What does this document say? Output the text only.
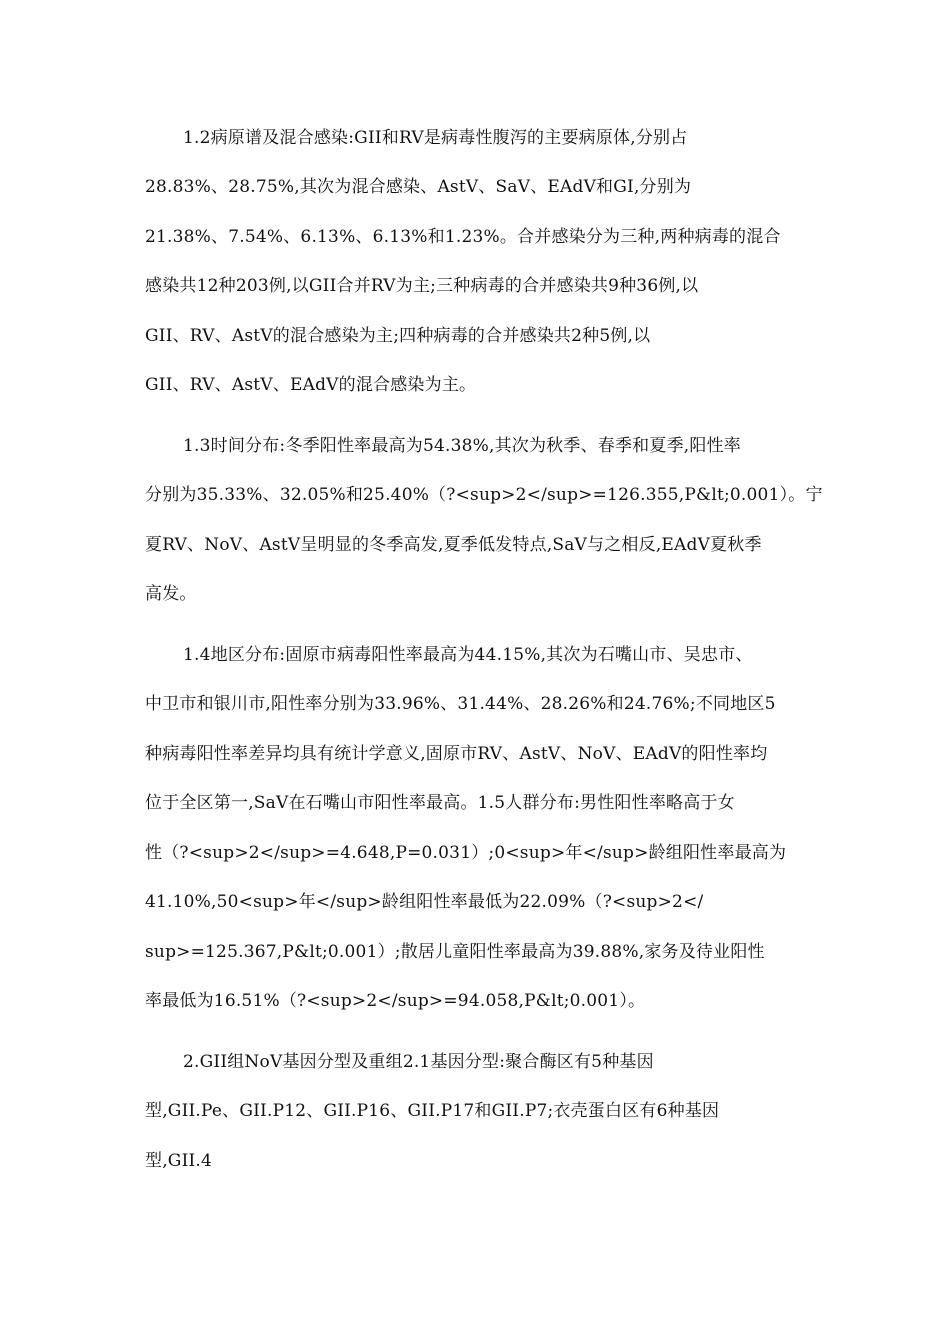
1.2病原谱及混合感染:GII和RV是病毒性腹泻的主要病原体,分别占
28.83%、28.75%,其次为混合感染、AstV、SaV、EAdV和GI,分别为
21.38%、7.54%、6.13%、6.13%和1.23%。合并感染分为三种,两种病毒的混合
感染共12种203例,以GII合并RV为主;三种病毒的合并感染共9种36例,以
GII、RV、AstV的混合感染为主;四种病毒的合并感染共2种5例,以
GII、RV、AstV、EAdV的混合感染为主。
1.3时间分布:冬季阳性率最高为54.38%,其次为秋季、春季和夏季,阳性率
分别为35.33%、32.05%和25.40%（?<sup>2</sup>=126.355,P&lt;0.001）。宁
夏RV、NoV、AstV呈明显的冬季高发,夏季低发特点,SaV与之相反,EAdV夏秋季
高发。
1.4地区分布:固原市病毒阳性率最高为44.15%,其次为石嘴山市、吴忠市、
中卫市和银川市,阳性率分别为33.96%、31.44%、28.26%和24.76%;不同地区5
种病毒阳性率差异均具有统计学意义,固原市RV、AstV、NoV、EAdV的阳性率均
位于全区第一,SaV在石嘴山市阳性率最高。1.5人群分布:男性阳性率略高于女
性（?<sup>2</sup>=4.648,P=0.031）;0<sup>年</sup>龄组阳性率最高为
41.10%,50<sup>年</sup>龄组阳性率最低为22.09%（?<sup>2</
sup>=125.367,P&lt;0.001）;散居儿童阳性率最高为39.88%,家务及待业阳性
率最低为16.51%（?<sup>2</sup>=94.058,P&lt;0.001）。
2.GII组NoV基因分型及重组2.1基因分型:聚合酶区有5种基因
型,GII.Pe、GII.P12、GII.P16、GII.P17和GII.P7;衣壳蛋白区有6种基因
型,GII.4
